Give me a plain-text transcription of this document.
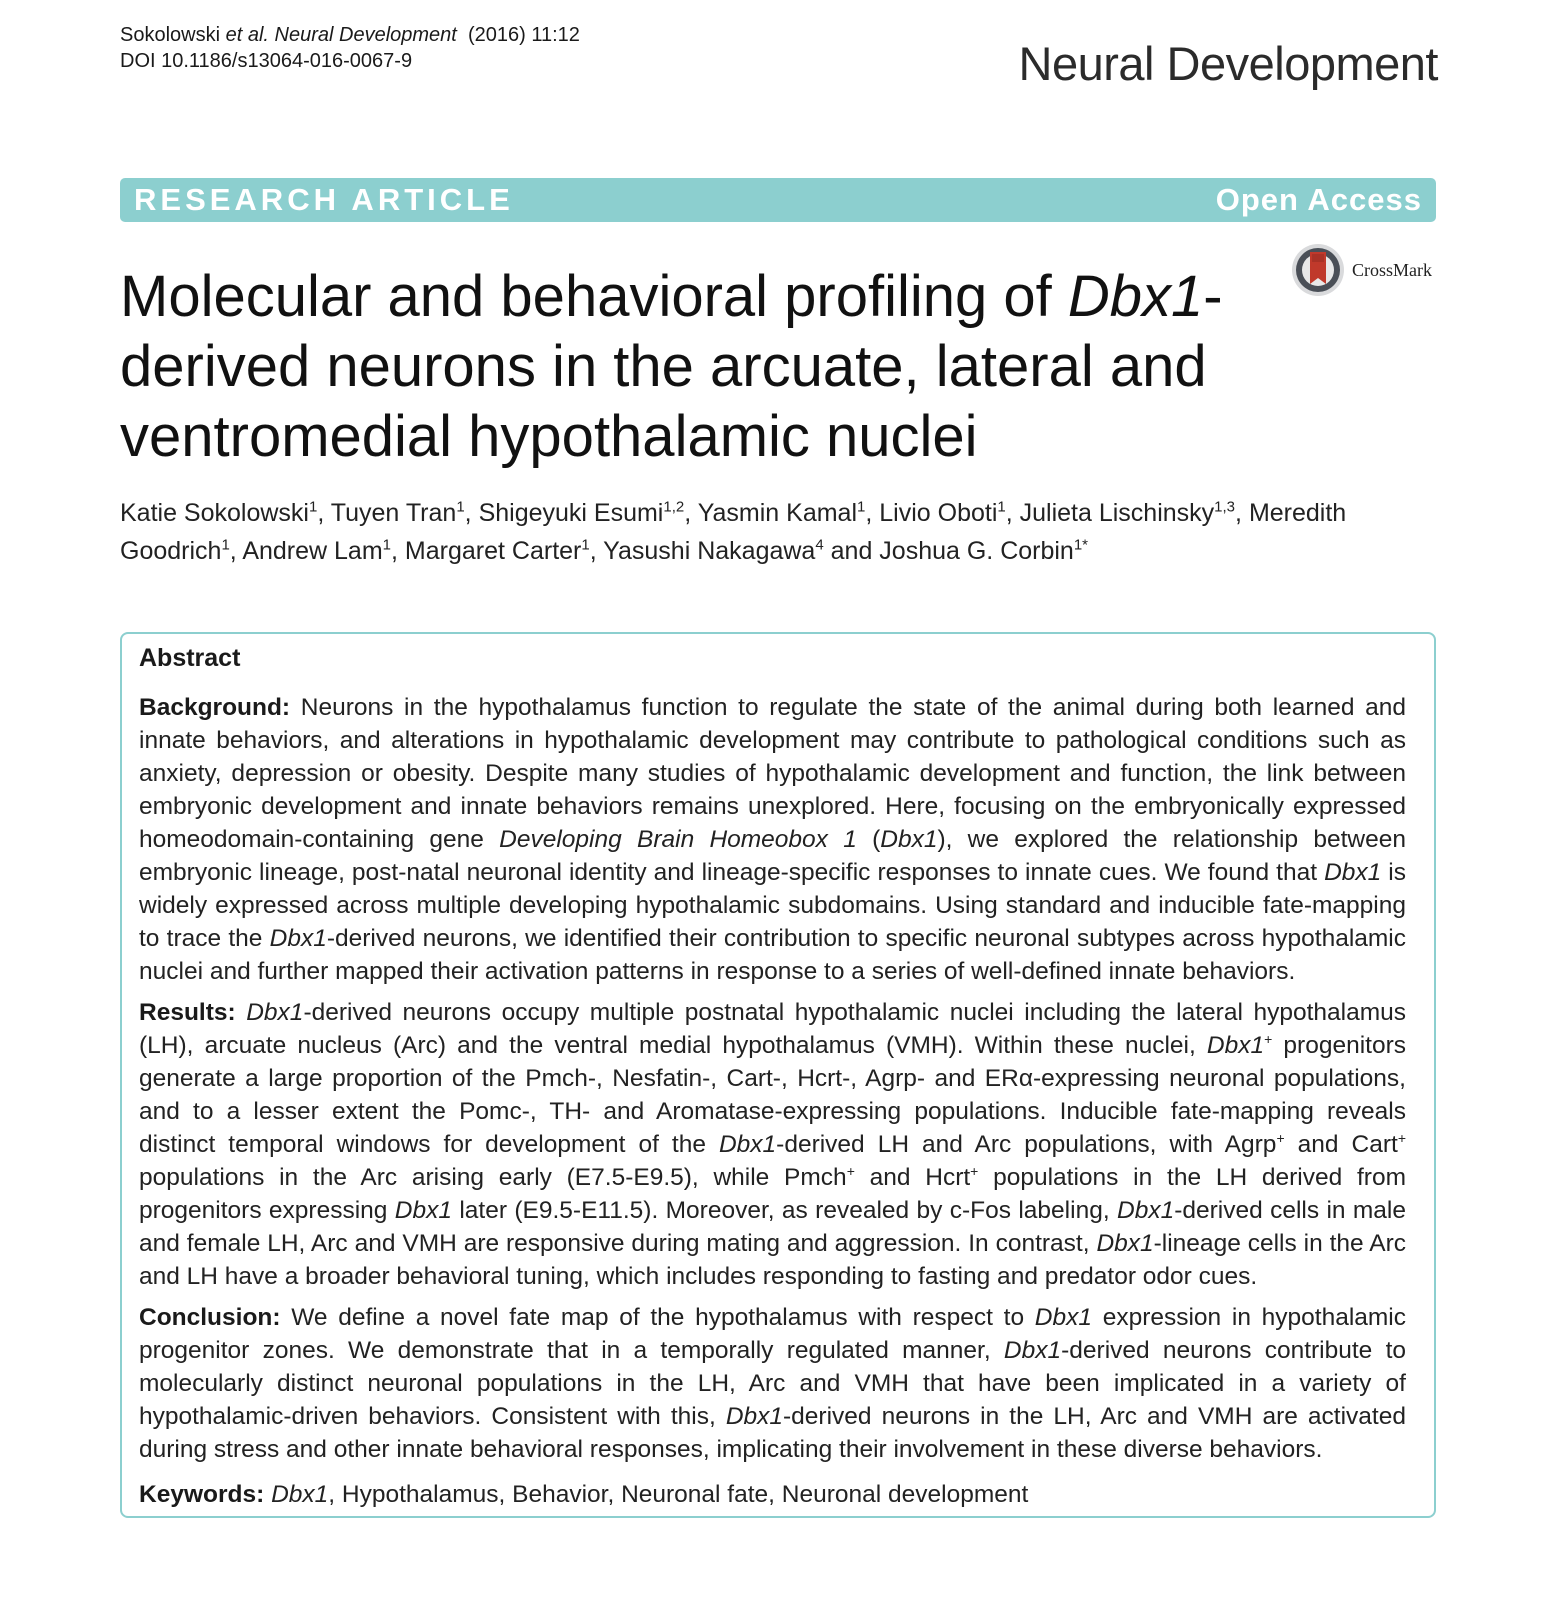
Sokolowski et al. Neural Development (2016) 11:12
DOI 10.1186/s13064-016-0067-9	Neural Development
RESEARCH ARTICLE	Open Access
CrossMark
Molecular and behavioral profiling of Dbx1-derived neurons in the arcuate, lateral and ventromedial hypothalamic nuclei
Katie Sokolowski$^1$, Tuyen Tran$^1$, Shigeyuki Esumi$^{1,2}$, Yasmin Kamal$^1$, Livio Oboti$^1$, Julieta Lischinsky$^{1,3}$, Meredith Goodrich$^1$, Andrew Lam$^1$, Margaret Carter$^1$, Yasushi Nakagawa$^4$ and Joshua G. Corbin$^{1*}$
Abstract

Background: Neurons in the hypothalamus function to regulate the state of the animal during both learned and innate behaviors, and alterations in hypothalamic development may contribute to pathological conditions such as anxiety, depression or obesity. Despite many studies of hypothalamic development and function, the link between embryonic development and innate behaviors remains unexplored. Here, focusing on the embryonically expressed homeodomain-containing gene Developing Brain Homeobox 1 (Dbx1), we explored the relationship between embryonic lineage, post-natal neuronal identity and lineage-specific responses to innate cues. We found that Dbx1 is widely expressed across multiple developing hypothalamic subdomains. Using standard and inducible fate-mapping to trace the Dbx1-derived neurons, we identified their contribution to specific neuronal subtypes across hypothalamic nuclei and further mapped their activation patterns in response to a series of well-defined innate behaviors.

Results: Dbx1-derived neurons occupy multiple postnatal hypothalamic nuclei including the lateral hypothalamus (LH), arcuate nucleus (Arc) and the ventral medial hypothalamus (VMH). Within these nuclei, Dbx1+ progenitors generate a large proportion of the Pmch-, Nesfatin-, Cart-, Hcrt-, Agrp- and ERα-expressing neuronal populations, and to a lesser extent the Pomc-, TH- and Aromatase-expressing populations. Inducible fate-mapping reveals distinct temporal windows for development of the Dbx1-derived LH and Arc populations, with Agrp+ and Cart+ populations in the Arc arising early (E7.5-E9.5), while Pmch+ and Hcrt+ populations in the LH derived from progenitors expressing Dbx1 later (E9.5-E11.5). Moreover, as revealed by c-Fos labeling, Dbx1-derived cells in male and female LH, Arc and VMH are responsive during mating and aggression. In contrast, Dbx1-lineage cells in the Arc and LH have a broader behavioral tuning, which includes responding to fasting and predator odor cues.

Conclusion: We define a novel fate map of the hypothalamus with respect to Dbx1 expression in hypothalamic progenitor zones. We demonstrate that in a temporally regulated manner, Dbx1-derived neurons contribute to molecularly distinct neuronal populations in the LH, Arc and VMH that have been implicated in a variety of hypothalamic-driven behaviors. Consistent with this, Dbx1-derived neurons in the LH, Arc and VMH are activated during stress and other innate behavioral responses, implicating their involvement in these diverse behaviors.

Keywords: Dbx1, Hypothalamus, Behavior, Neuronal fate, Neuronal development
